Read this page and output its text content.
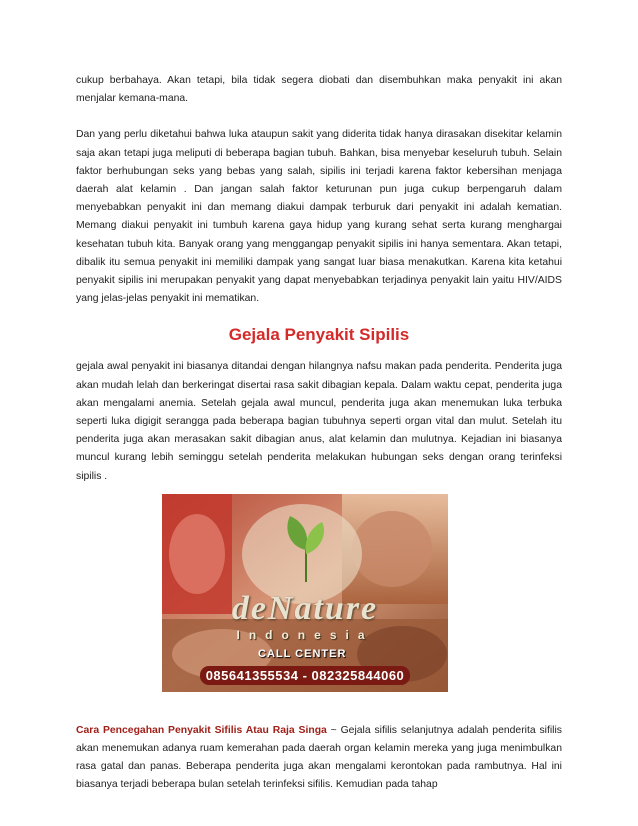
cukup berbahaya. Akan tetapi, bila tidak segera diobati dan disembuhkan maka penyakit ini akan menjalar kemana-mana.

Dan yang perlu diketahui bahwa luka ataupun sakit yang diderita tidak hanya dirasakan disekitar kelamin saja akan tetapi juga meliputi di beberapa bagian tubuh. Bahkan, bisa menyebar keseluruh tubuh. Selain faktor berhubungan seks yang bebas yang salah, sipilis ini terjadi karena faktor kebersihan menjaga daerah alat kelamin . Dan jangan salah faktor keturunan pun juga cukup berpengaruh dalam menyebabkan penyakit ini dan memang diakui dampak terburuk dari penyakit ini adalah kematian. Memang diakui penyakit ini tumbuh karena gaya hidup yang kurang sehat serta kurang menghargai kesehatan tubuh kita. Banyak orang yang menggangap penyakit sipilis ini hanya sementara. Akan tetapi, dibalik itu semua penyakit ini memiliki dampak yang sangat luar biasa menakutkan. Karena kita ketahui penyakit sipilis ini merupakan penyakit yang dapat menyebabkan terjadinya penyakit lain yaitu HIV/AIDS yang jelas-jelas penyakit ini mematikan.

Gejala Penyakit Sipilis

gejala awal penyakit ini biasanya ditandai dengan hilangnya nafsu makan pada penderita. Penderita juga akan mudah lelah dan berkeringat disertai rasa sakit dibagian kepala. Dalam waktu cepat, penderita juga akan mengalami anemia. Setelah gejala awal muncul, penderita juga akan menemukan luka terbuka seperti luka digigit serangga pada beberapa bagian tubuhnya seperti organ vital dan mulut. Setelah itu penderita juga akan merasakan sakit dibagian anus, alat kelamin dan mulutnya. Kejadian ini biasanya muncul kurang lebih seminggu setelah penderita melakukan hubungan seks dengan orang terinfeksi sipilis .

deNature
Indonesia
CALL CENTER
085641355534 - 082325844060

Cara Pencegahan Penyakit Sifilis Atau Raja Singa ~ Gejala sifilis selanjutnya adalah penderita sifilis akan menemukan adanya ruam kemerahan pada daerah organ kelamin mereka yang juga menimbulkan rasa gatal dan panas. Beberapa penderita juga akan mengalami kerontokan pada rambutnya. Hal ini biasanya terjadi beberapa bulan setelah terinfeksi sifilis. Kemudian pada tahap
